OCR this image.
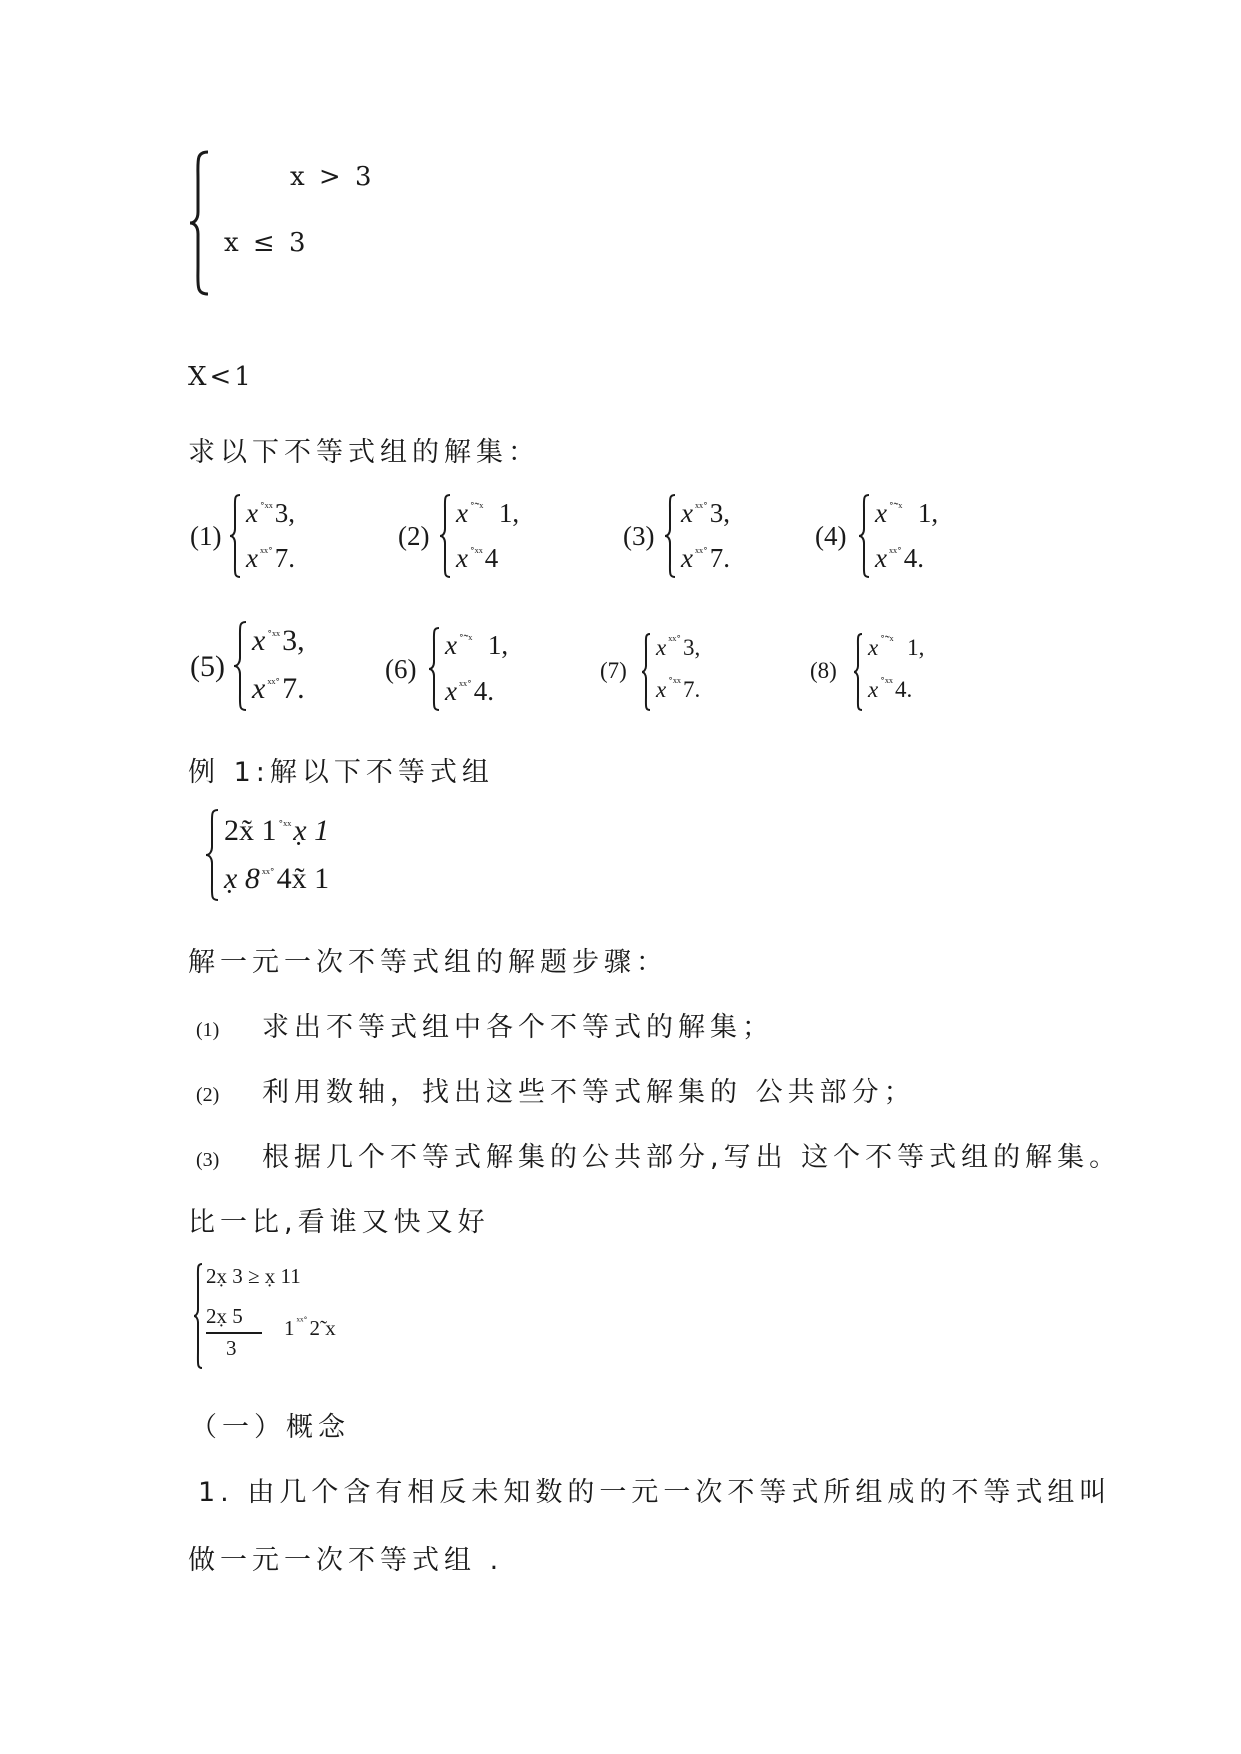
x > 3
x ≤ 3
X<1
求以下不等式组的解集：
(1)
x $^{˚ˣˣ}$3,
x $^{ˣˣ˚}$7.
(2)
x $^{˚˜ˣ}$ 1,
x $^{˚ˣˣ}$4
(3)
x $^{ˣˣ˚}$3,
x $^{ˣˣ˚}$7.
(4)
x $^{˚˜ˣ}$ 1,
x $^{ˣˣ˚}$4.
(5)
x $^{˚ˣˣ}$3,
x $^{ˣˣ˚}$7.
(6)
x $^{˚˜ˣ}$ 1,
x $^{ˣˣ˚}$4.
(7)
x $^{ˣˣ˚}$3,
x $^{˚ˣˣ}$7.
(8)
x $^{˚˜ˣ}$ 1,
x $^{˚ˣˣ}$4.
例 1:解以下不等式组
2x̃ 1 $^{˚ˣˣ}$x̣ 1
x̣ 8 $^{ˣˣ˚}$4x̃ 1
解一元一次不等式组的解题步骤：
(1) 求出不等式组中各个不等式的解集；
(2) 利用数轴，找出这些不等式解集的 公共部分；
(3) 根据几个不等式解集的公共部分,写出 这个不等式组的解集。
比一比,看谁又快又好
2x̣ 3 ≥ x̣ 11
2x̣ 5
3
1 $^{ˣˣ˚}$2̃ x
（一）概念
1. 由几个含有相反未知数的一元一次不等式所组成的不等式组叫
做一元一次不等式组 .
